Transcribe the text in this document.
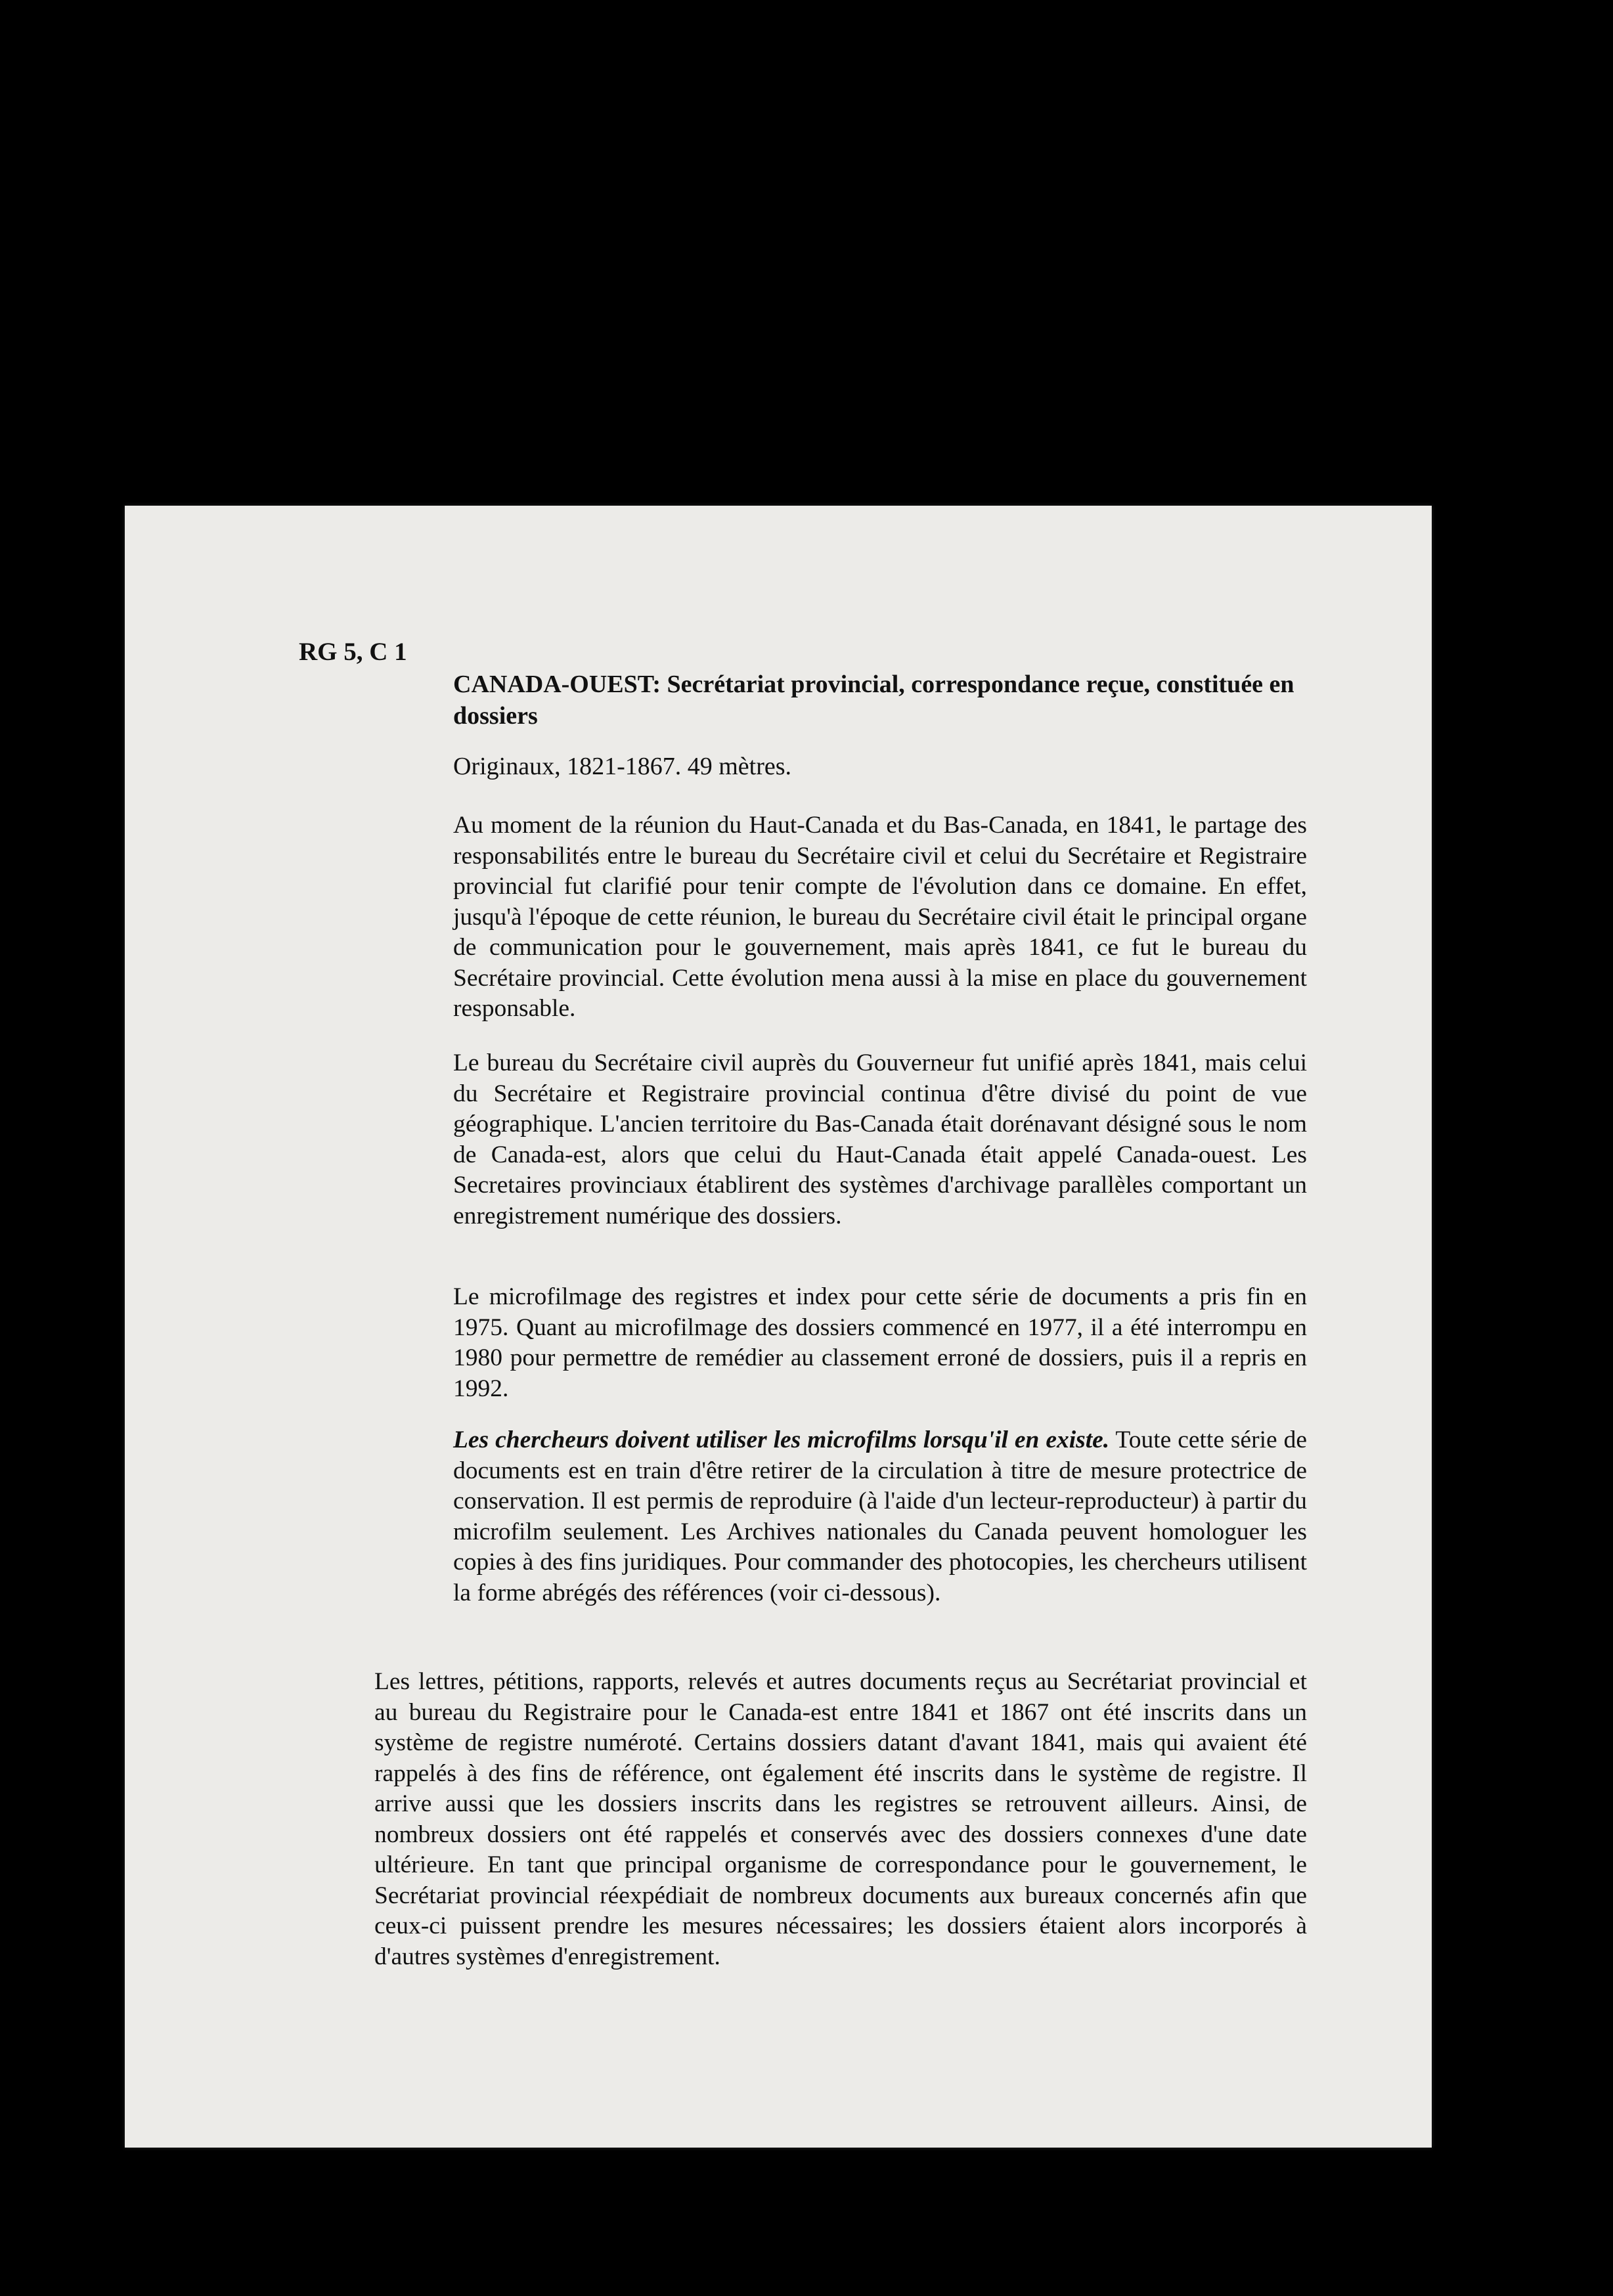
RG 5, C 1

CANADA-OUEST: Secrétariat provincial, correspondance reçue, constituée en dossiers

Originaux, 1821-1867. 49 mètres.

Au moment de la réunion du Haut-Canada et du Bas-Canada, en 1841, le partage des responsabilités entre le bureau du Secrétaire civil et celui du Secrétaire et Registraire provincial fut clarifié pour tenir compte de l'évolution dans ce domaine. En effet, jusqu'à l'époque de cette réunion, le bureau du Secrétaire civil était le principal organe de communication pour le gouvernement, mais après 1841, ce fut le bureau du Secrétaire provincial. Cette évolution mena aussi à la mise en place du gouvernement responsable.

Le bureau du Secrétaire civil auprès du Gouverneur fut unifié après 1841, mais celui du Secrétaire et Registraire provincial continua d'être divisé du point de vue géographique. L'ancien territoire du Bas-Canada était dorénavant désigné sous le nom de Canada-est, alors que celui du Haut-Canada était appelé Canada-ouest. Les Secretaires provinciaux établirent des systèmes d'archivage parallèles comportant un enregistrement numérique des dossiers.

Le microfilmage des registres et index pour cette série de documents a pris fin en 1975. Quant au microfilmage des dossiers commencé en 1977, il a été interrompu en 1980 pour permettre de remédier au classement erroné de dossiers, puis il a repris en 1992.

Les chercheurs doivent utiliser les microfilms lorsqu'il en existe. Toute cette série de documents est en train d'être retirer de la circulation à titre de mesure protectrice de conservation. Il est permis de reproduire (à l'aide d'un lecteur-reproducteur) à partir du microfilm seulement. Les Archives nationales du Canada peuvent homologuer les copies à des fins juridiques. Pour commander des photocopies, les chercheurs utilisent la forme abrégés des références (voir ci-dessous).

Les lettres, pétitions, rapports, relevés et autres documents reçus au Secrétariat provincial et au bureau du Registraire pour le Canada-est entre 1841 et 1867 ont été inscrits dans un système de registre numéroté. Certains dossiers datant d'avant 1841, mais qui avaient été rappelés à des fins de référence, ont également été inscrits dans le système de registre. Il arrive aussi que les dossiers inscrits dans les registres se retrouvent ailleurs. Ainsi, de nombreux dossiers ont été rappelés et conservés avec des dossiers connexes d'une date ultérieure. En tant que principal organisme de correspondance pour le gouvernement, le Secrétariat provincial réexpédiait de nombreux documents aux bureaux concernés afin que ceux-ci puissent prendre les mesures nécessaires; les dossiers étaient alors incorporés à d'autres systèmes d'enregistrement.
